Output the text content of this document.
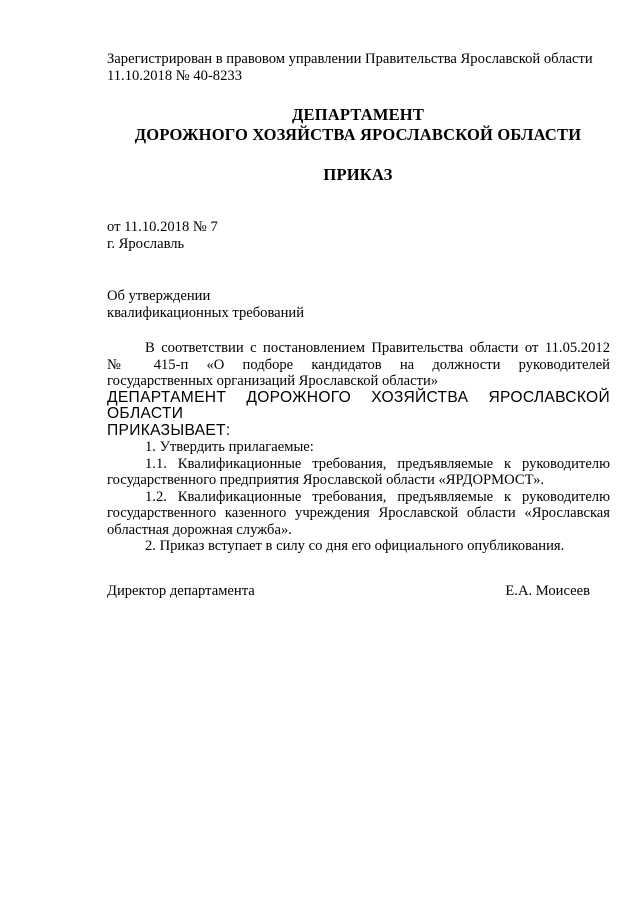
Зарегистрирован в правовом управлении Правительства Ярославской области
11.10.2018 № 40-8233
ДЕПАРТАМЕНТ
ДОРОЖНОГО ХОЗЯЙСТВА ЯРОСЛАВСКОЙ ОБЛАСТИ
ПРИКАЗ
от 11.10.2018 № 7
г. Ярославль
Об утверждении
квалификационных требований
В соответствии с постановлением Правительства области от 11.05.2012
№ 415-п «О подборе кандидатов на должности руководителей
государственных организаций Ярославской области»
ДЕПАРТАМЕНТ ДОРОЖНОГО ХОЗЯЙСТВА ЯРОСЛАВСКОЙ ОБЛАСТИ
ПРИКАЗЫВАЕТ:
1. Утвердить прилагаемые:
1.1. Квалификационные требования, предъявляемые к руководителю
государственного предприятия Ярославской области «ЯРДОРМОСТ».
1.2. Квалификационные требования, предъявляемые к руководителю
государственного казенного учреждения Ярославской области «Ярославская
областная дорожная служба».
2. Приказ вступает в силу со дня его официального опубликования.
Директор департамента	Е.А. Моисеев
